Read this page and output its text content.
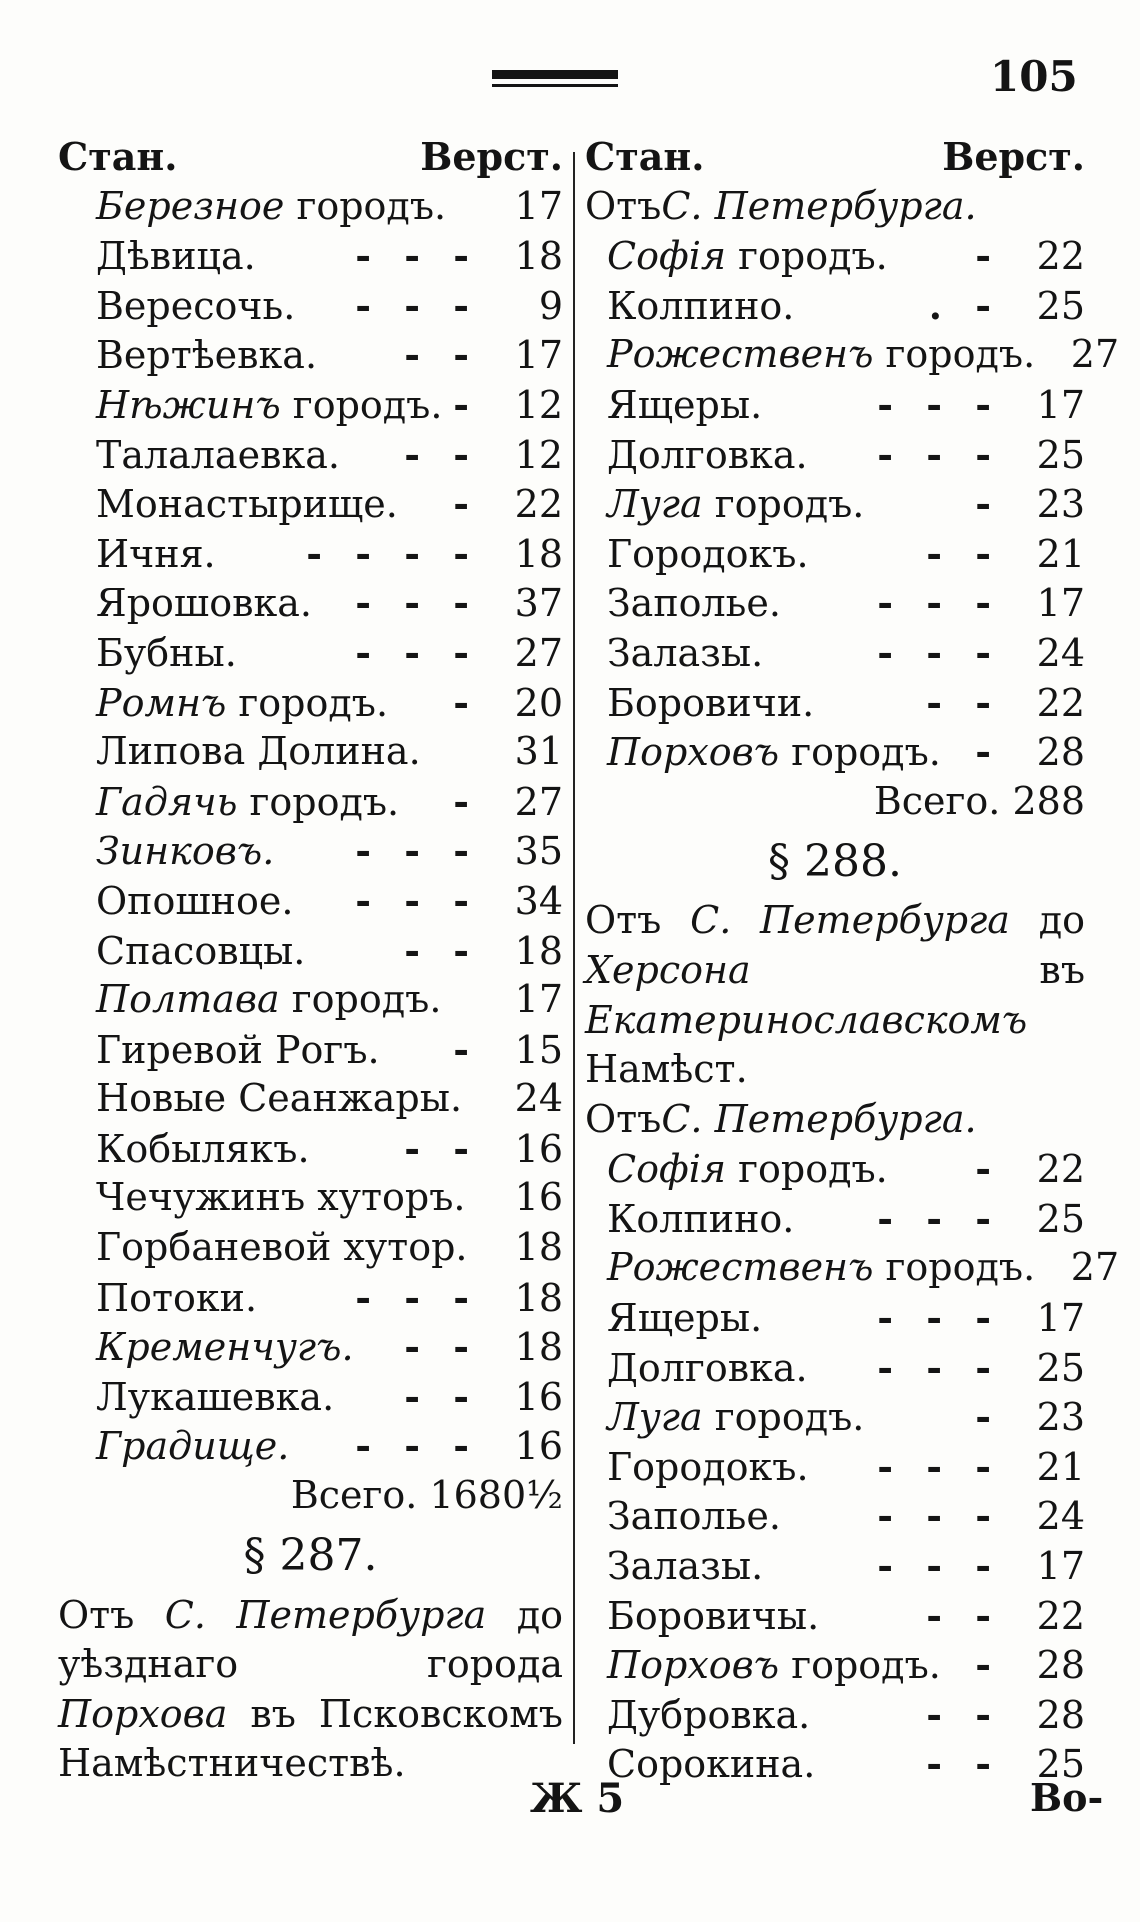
105
Стан.	Верст.
Березное городъ.	17
Дѣвица.	- - - 18
Вересочь.	- - -	9
Вертѣевка.	- - 17
Нѣжинъ городъ. - 12
Талалаевка.	- - 12
Монастырище.	- 22
Ичня.	- - - - 18
Ярошовка.	- - - 37
Бубны.	- - - 27
Ромнъ городъ.	- 20
Липова Долина.	31
Гадячь городъ.	- 27
Зинковъ.	- - - 35
Опошное.	- - - 34
Спасовцы.	- - 18
Полтава городъ.	17
Гиревой Рогъ.	- 15
Новые Сеанжары.	24
Кобылякъ.	- - 16
Чечужинъ хуторъ.	16
Горбаневой хутор.	18
Потоки.	- - - 18
Кременчугъ.	- - 18
Лукашевка.	- - 16
Градище.	- - - 16
Всего. 1680½
§ 287.
Отъ С. Петербурга до уѣзднаго города Порхова въ Псковскомъ Намѣстничествѣ.
Стан.	Верст.
Отъ С. Петербурга.
Софія городъ.	- 22
Колпино.	. - 25
Рожественъ городъ. 27
Ящеры.	- - - 17
Долговка.	- - - 25
Луга городъ.	- 23
Городокъ.	- - 21
Заполье.	- - - 17
Залазы.	- - - 24
Боровичи.	- - 22
Порховъ городъ. - 28
Всего. 288
§ 288.
Отъ С. Петербурга до Херсона въ Екатеринославскомъ Намѣст.
Отъ С. Петербурга.
Софія городъ.	- 22
Колпино.	- - - 25
Рожественъ городъ. 27
Ящеры.	- - - 17
Долговка.	- - - 25
Луга городъ.	- 23
Городокъ.	- - - 21
Заполье.	- - - 24
Залазы.	- - - 17
Боровичы.	- - 22
Порховъ городъ. - 28
Дубровка.	- - 28
Сорокина.	- - 25
Ж 5	Во-
